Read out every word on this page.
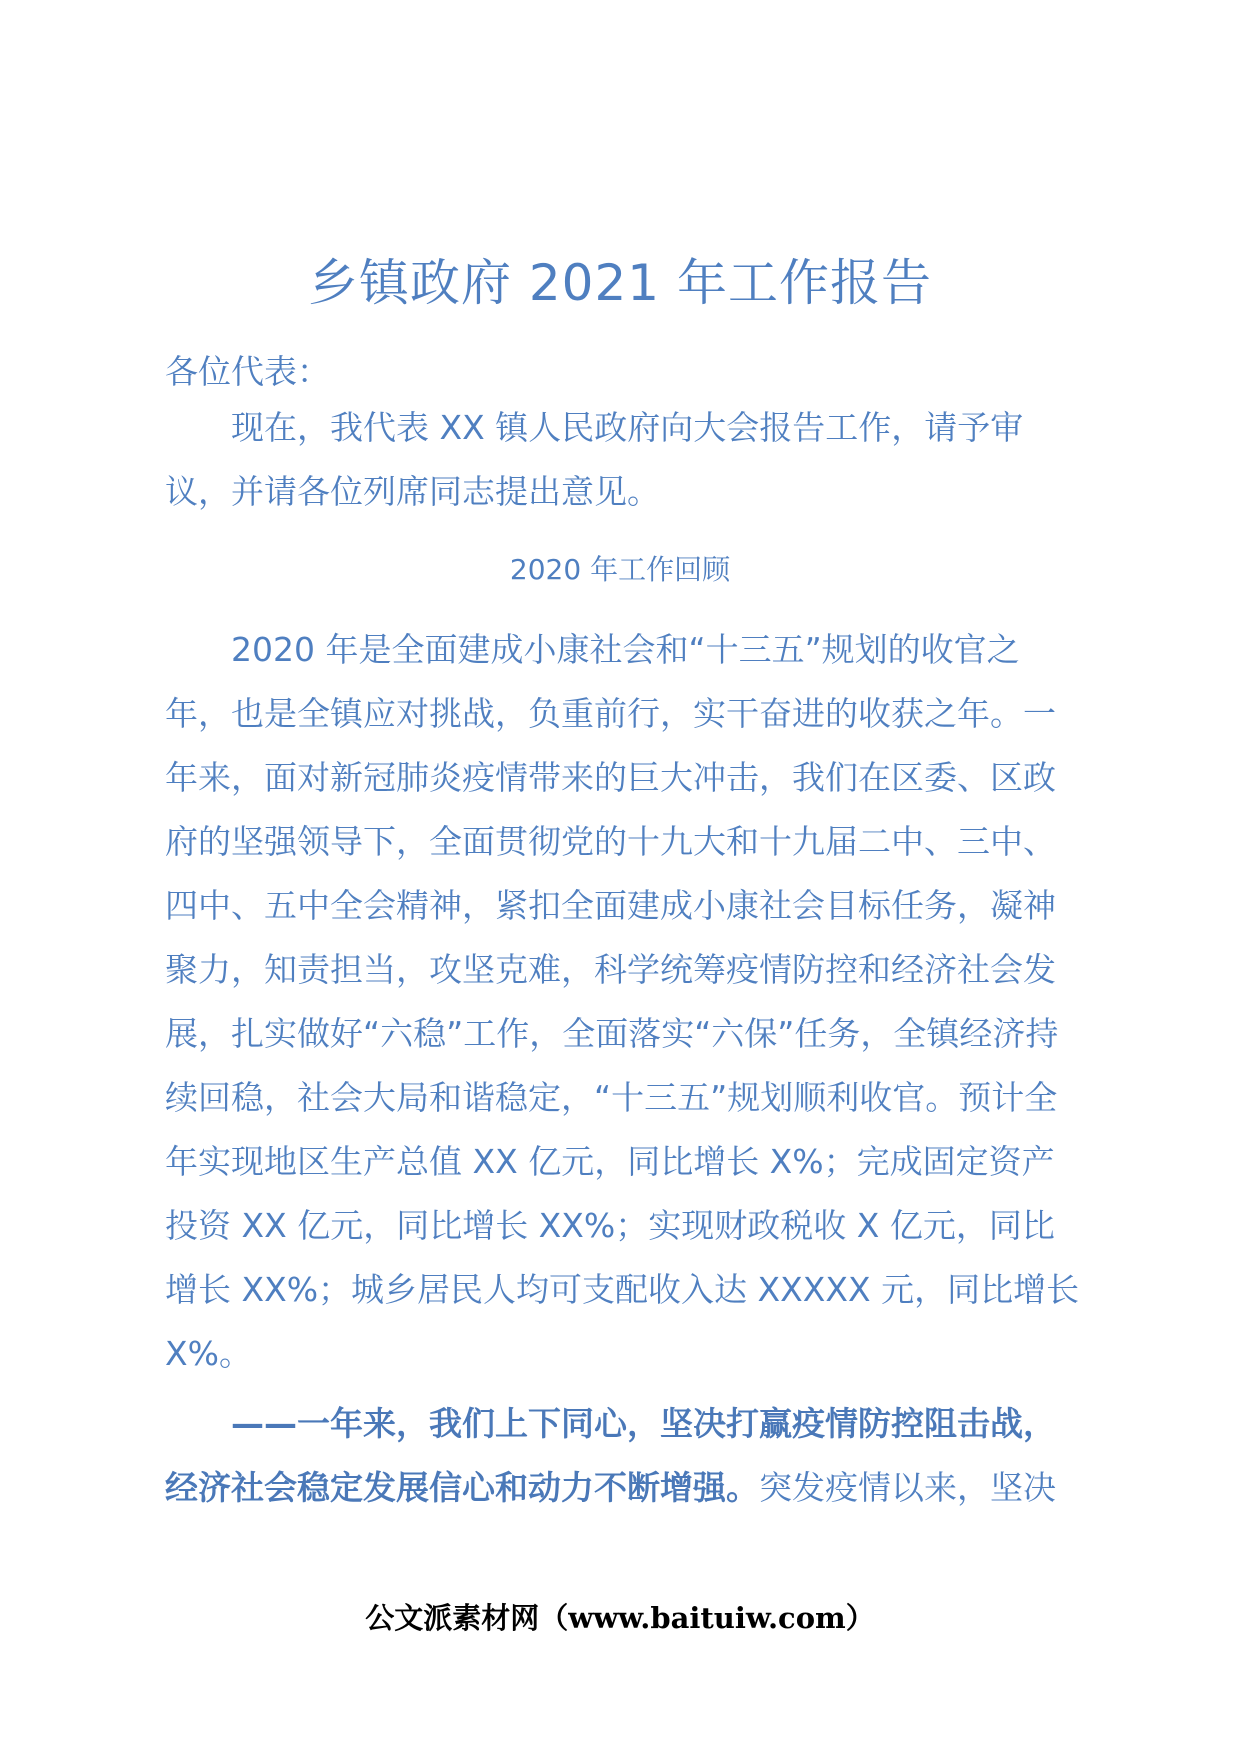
乡镇政府 2021 年工作报告

各位代表：

现在，我代表 XX 镇人民政府向大会报告工作，请予审议，并请各位列席同志提出意见。

2020 年工作回顾

2020 年是全面建成小康社会和“十三五”规划的收官之年，也是全镇应对挑战，负重前行，实干奋进的收获之年。一年来，面对新冠肺炎疫情带来的巨大冲击，我们在区委、区政府的坚强领导下，全面贯彻党的十九大和十九届二中、三中、四中、五中全会精神，紧扣全面建成小康社会目标任务，凝神聚力，知责担当，攻坚克难，科学统筹疫情防控和经济社会发展，扎实做好“六稳”工作，全面落实“六保”任务，全镇经济持续回稳，社会大局和谐稳定，“十三五”规划顺利收官。预计全年实现地区生产总值 XX 亿元，同比增长 X%；完成固定资产投资 XX 亿元，同比增长 XX%；实现财政税收 X 亿元，同比增长 XX%；城乡居民人均可支配收入达 XXXXX 元，同比增长 X%。

——一年来，我们上下同心，坚决打赢疫情防控阻击战，经济社会稳定发展信心和动力不断增强。突发疫情以来，坚决

公文派素材网（www.baituiw.com）
